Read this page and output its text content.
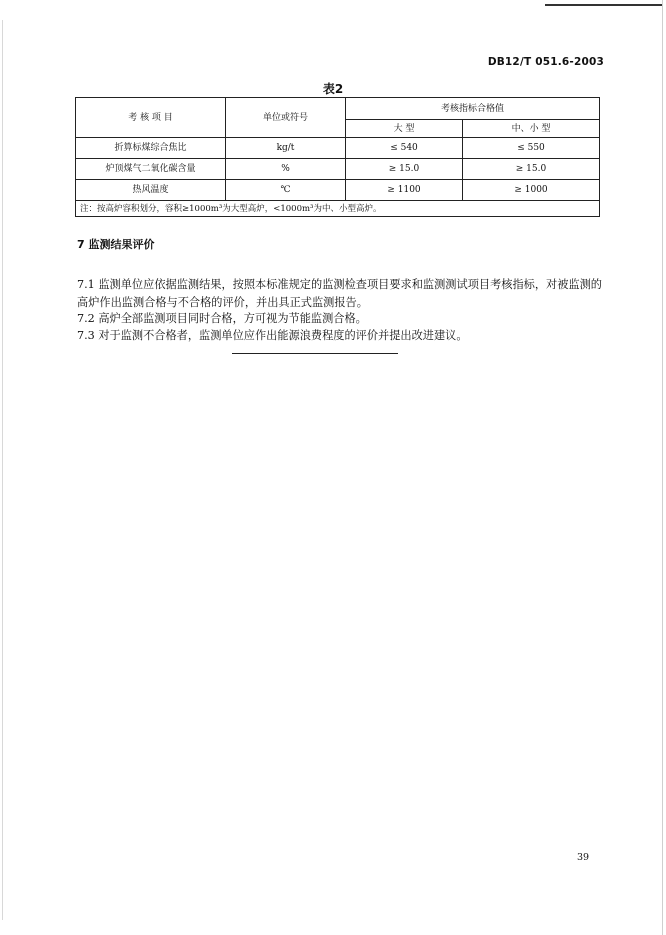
DB12/T 051.6-2003
表2
考 核 项 目	单位或符号	考核指标合格值	
		大 型	中、小 型
折算标煤综合焦比	kg/t	≤ 540	≤ 550
炉顶煤气二氧化碳含量	%	≥ 15.0	≥ 15.0
热风温度	℃	≥ 1100	≥ 1000
注：按高炉容积划分，容积≥1000m³为大型高炉，<1000m³为中、小型高炉。			
7 监测结果评价
7.1 监测单位应依据监测结果，按照本标准规定的监测检查项目要求和监测测试项目考核指标，对被监测的高炉作出监测合格与不合格的评价，并出具正式监测报告。
7.2 高炉全部监测项目同时合格，方可视为节能监测合格。
7.3 对于监测不合格者，监测单位应作出能源浪费程度的评价并提出改进建议。
39
